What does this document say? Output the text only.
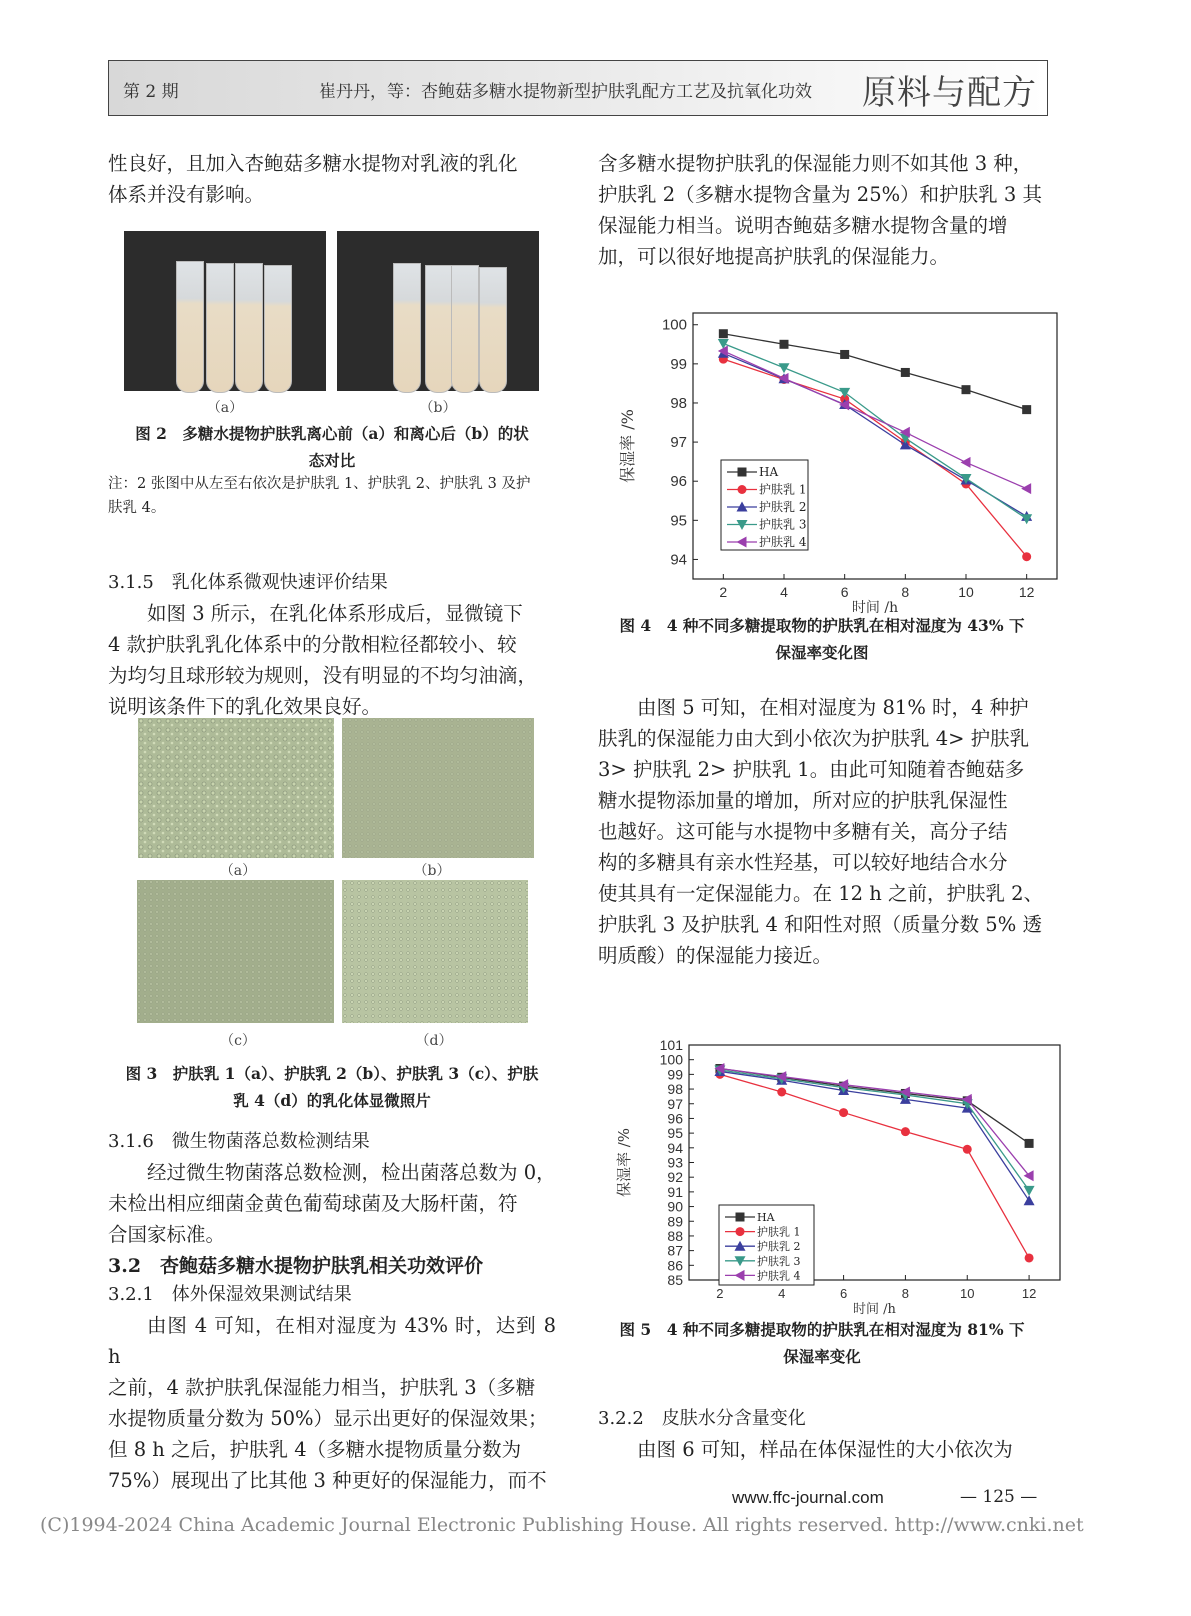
第 2 期	崔丹丹，等：杏鲍菇多糖水提物新型护肤乳配方工艺及抗氧化功效 原料与配方

性良好，且加入杏鲍菇多糖水提物对乳液的乳化

体系并没有影响。

（a）	（b）

图 2　多糖水提物护肤乳离心前（a）和离心后（b）的状

态对比

注：2 张图中从左至右依次是护肤乳 1、护肤乳 2、护肤乳 3 及护

肤乳 4。

3.1.5　乳化体系微观快速评价结果

如图 3 所示，在乳化体系形成后，显微镜下

4 款护肤乳乳化体系中的分散相粒径都较小、较

为均匀且球形较为规则，没有明显的不均匀油滴，

说明该条件下的乳化效果良好。

（a）	（b）
（c）	（d）

图 3　护肤乳 1（a）、护肤乳 2（b）、护肤乳 3（c）、护肤

乳 4（d）的乳化体显微照片

3.1.6　微生物菌落总数检测结果

经过微生物菌落总数检测，检出菌落总数为 0，

未检出相应细菌金黄色葡萄球菌及大肠杆菌，符

合国家标准。

3.2　杏鲍菇多糖水提物护肤乳相关功效评价

3.2.1　体外保湿效果测试结果

由图 4 可知，在相对湿度为 43% 时，达到 8 h

之前，4 款护肤乳保湿能力相当，护肤乳 3（多糖

水提物质量分数为 50%）显示出更好的保湿效果；

但 8 h 之后，护肤乳 4（多糖水提物质量分数为

75%）展现出了比其他 3 种更好的保湿能力，而不

含多糖水提物护肤乳的保湿能力则不如其他 3 种，

护肤乳 2（多糖水提物含量为 25%）和护肤乳 3 其

保湿能力相当。说明杏鲍菇多糖水提物含量的增

加，可以很好地提高护肤乳的保湿能力。

94
95
96
97
98
99
100
2	4	6	8	10	12
时间 /h
保湿率 /%	HA
护肤乳 1
护肤乳 2
护肤乳 3
护肤乳 4

图 4　4 种不同多糖提取物的护肤乳在相对湿度为 43% 下

保湿率变化图

由图 5 可知，在相对湿度为 81% 时，4 种护

肤乳的保湿能力由大到小依次为护肤乳 4> 护肤乳

3> 护肤乳 2> 护肤乳 1。由此可知随着杏鲍菇多

糖水提物添加量的增加，所对应的护肤乳保湿性

也越好。这可能与水提物中多糖有关，高分子结

构的多糖具有亲水性羟基，可以较好地结合水分

使其具有一定保湿能力。在 12 h 之前，护肤乳 2、

护肤乳 3 及护肤乳 4 和阳性对照（质量分数 5% 透

明质酸）的保湿能力接近。

85
86
87
88
89
90
91
92
93
94
95
96
97
98
99
100
101
2	4	6	8	10	12
时间 /h
保湿率 /%
HA
护肤乳 1
护肤乳 2
护肤乳 3
护肤乳 4

图 5　4 种不同多糖提取物的护肤乳在相对湿度为 81% 下

保湿率变化

3.2.2　皮肤水分含量变化

由图 6 可知，样品在体保湿性的大小依次为

www.ffc-journal.com	— 125 —
(C)1994-2024 China Academic Journal Electronic Publishing House. All rights reserved. http://www.cnki.net
